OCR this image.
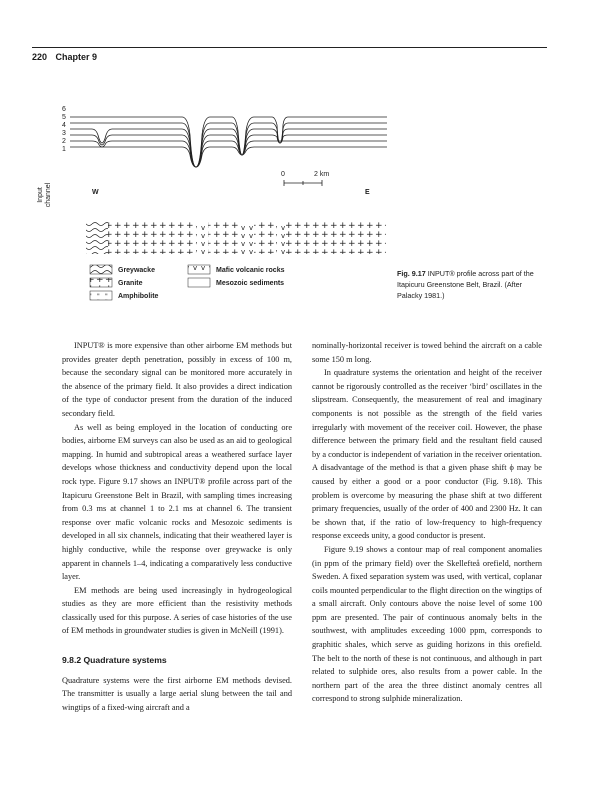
220 Chapter 9
6
5
4
3
2
1
Input channel
0	2 km
W	E
Greywacke
Granite
Amphibolite
Mafic volcanic rocks
Mesozoic sediments
Fig. 9.17 INPUT® profile across part of the Itapicuru Greenstone Belt, Brazil. (After Palacky 1981.)

INPUT® is more expensive than other airborne EM methods but provides greater depth penetration, possibly in excess of 100 m, because the secondary signal can be monitored more accurately in the absence of the primary field. It also provides a direct indication of the type of conductor present from the duration of the induced secondary field.

As well as being employed in the location of conducting ore bodies, airborne EM surveys can also be used as an aid to geological mapping. In humid and subtropical areas a weathered surface layer develops whose thickness and conductivity depend upon the local rock type. Figure 9.17 shows an INPUT® profile across part of the Itapicuru Greenstone Belt in Brazil, with sampling times increasing from 0.3 ms at channel 1 to 2.1 ms at channel 6. The transient response over mafic volcanic rocks and Mesozoic sediments is developed in all six channels, indicating that their weathered layer is highly conductive, while the response over greywacke is only apparent in channels 1–4, indicating a comparatively less conductive layer.

EM methods are being used increasingly in hydrogeological studies as they are more efficient than the resistivity methods classically used for this purpose. A series of case histories of the use of EM methods in groundwater studies is given in McNeill (1991).

9.8.2 Quadrature systems

Quadrature systems were the first airborne EM methods devised. The transmitter is usually a large aerial slung between the tail and wingtips of a fixed-wing aircraft and a

nominally-horizontal receiver is towed behind the aircraft on a cable some 150 m long.

In quadrature systems the orientation and height of the receiver cannot be rigorously controlled as the receiver ‘bird’ oscillates in the slipstream. Consequently, the measurement of real and imaginary components is not possible as the strength of the field varies irregularly with movement of the receiver coil. However, the phase difference between the primary field and the resultant field caused by a conductor is independent of variation in the receiver orientation. A disadvantage of the method is that a given phase shift ϕ may be caused by either a good or a poor conductor (Fig. 9.18). This problem is overcome by measuring the phase shift at two different primary frequencies, usually of the order of 400 and 2300 Hz. It can be shown that, if the ratio of low-frequency to high-frequency response exceeds unity, a good conductor is present.

Figure 9.19 shows a contour map of real component anomalies (in ppm of the primary field) over the Skellefteå orefield, northern Sweden. A fixed separation system was used, with vertical, coplanar coils mounted perpendicular to the flight direction on the wingtips of a small aircraft. Only contours above the noise level of some 100 ppm are presented. The pair of continuous anomaly belts in the southwest, with amplitudes exceeding 1000 ppm, corresponds to graphitic shales, which serve as guiding horizons in this orefield. The belt to the north of these is not continuous, and although in part related to sulphide ores, also results from a power cable. In the northern part of the area the three distinct anomaly centres all correspond to strong sulphide mineralization.
